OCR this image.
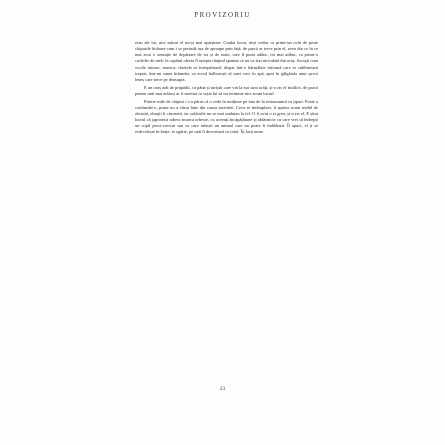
PROVIZORIU

erau ale lui, nici măcar el nu-și mai aparținea. Ciudat lucru, deși vedea ca printr-un ochi de peste chipurile hidoase cum i se perindă așa de aproape prin față, de parcă ar trece prin el, avea din ce în ce mai acut o senzație de depărtare de tot și de toate, care îl purta adânc, tot mai adânc, ca printr-o cochilie de melc la capătul căreia îl aștepta rânjind spaima că nu va ieși niciodată din oraș. Ascuțit cum vocile tuturor, muzica, râsetele se întrepătrund, dispar într-o hărmălaie informă care se sublimează treptat, într-un sunet înfundat, ca ecoul bolboroșit al unei voci în apă, apoi în gâlgâiala unui șuvoi leneș care trece pe deasupra.

E un oraș atât de prăpădit, că până și turiștii care vin la noi sunt urâți, și-a zis el încâlcit, de parcă pentru unii mai arătoși ar fi meritat ca soția lui să nu terimine nici acum lucrul.

Printre mile de chipuri i s-a părut că o vede în mulțime pe fata de la restaurantul cu țipari. Poate a confundat-o, poate nu a văzut bine din cauza insecării. Ceva se întâmplase, îi apărea acum teribil de obosită, obrajii îi căzuseră, iar șoldurile nu se mai unduiau la fel. O fi avut o zi grea, și-a zis el. E știut lucrul că japonezii iubesc munca orbește, cu aceeași încăpățânare și râdărnicie cu care vrei să îndrepți un copil prost-crescut sau cu care iubești un animal care nu poate fi îmblânzit. Îl apuci, el ți se zvârcolește în brațe, te zgârie, pe unii îi devorează cu totul. Îți lasă urme.

23
